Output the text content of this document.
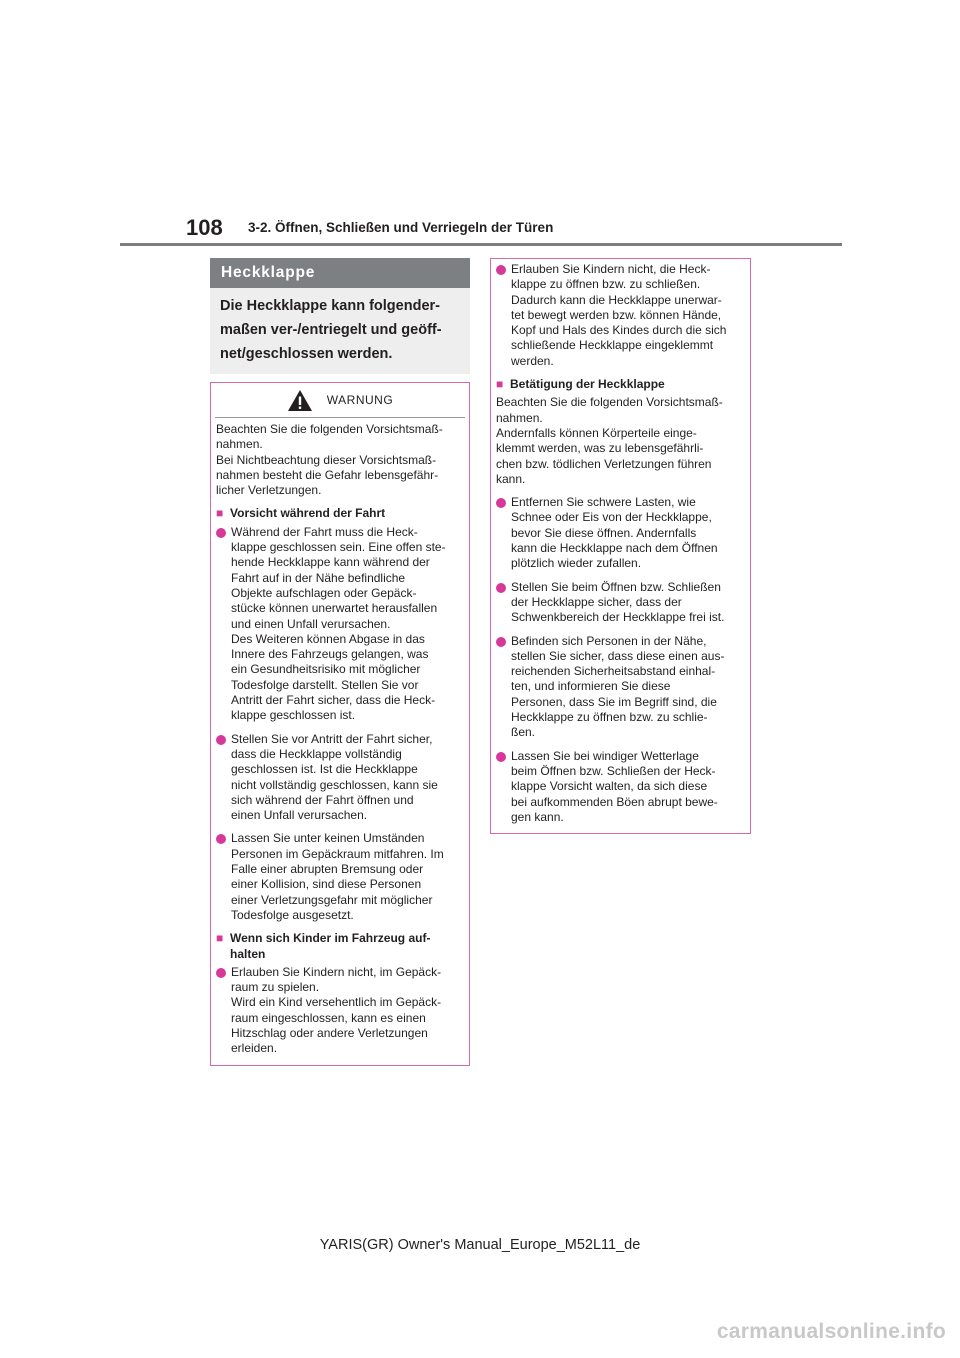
108 3-2. Öffnen, Schließen und Verriegeln der Türen
Heckklappe
Die Heckklappe kann folgender-
maßen ver-/entriegelt und geöff-
net/geschlossen werden.
WARNUNG
Beachten Sie die folgenden Vorsichtsmaß-
nahmen.
Bei Nichtbeachtung dieser Vorsichtsmaß-
nahmen besteht die Gefahr lebensgefähr-
licher Verletzungen.
■ Vorsicht während der Fahrt
Während der Fahrt muss die Heck-
klappe geschlossen sein. Eine offen ste-
hende Heckklappe kann während der
Fahrt auf in der Nähe befindliche
Objekte aufschlagen oder Gepäck-
stücke können unerwartet herausfallen
und einen Unfall verursachen.
Des Weiteren können Abgase in das
Innere des Fahrzeugs gelangen, was
ein Gesundheitsrisiko mit möglicher
Todesfolge darstellt. Stellen Sie vor
Antritt der Fahrt sicher, dass die Heck-
klappe geschlossen ist.
Stellen Sie vor Antritt der Fahrt sicher,
dass die Heckklappe vollständig
geschlossen ist. Ist die Heckklappe
nicht vollständig geschlossen, kann sie
sich während der Fahrt öffnen und
einen Unfall verursachen.
Lassen Sie unter keinen Umständen
Personen im Gepäckraum mitfahren. Im
Falle einer abrupten Bremsung oder
einer Kollision, sind diese Personen
einer Verletzungsgefahr mit möglicher
Todesfolge ausgesetzt.
■ Wenn sich Kinder im Fahrzeug auf-
halten
Erlauben Sie Kindern nicht, im Gepäck-
raum zu spielen.
Wird ein Kind versehentlich im Gepäck-
raum eingeschlossen, kann es einen
Hitzschlag oder andere Verletzungen
erleiden.
Erlauben Sie Kindern nicht, die Heck-
klappe zu öffnen bzw. zu schließen.
Dadurch kann die Heckklappe unerwar-
tet bewegt werden bzw. können Hände,
Kopf und Hals des Kindes durch die sich
schließende Heckklappe eingeklemmt
werden.
■ Betätigung der Heckklappe
Beachten Sie die folgenden Vorsichtsmaß-
nahmen.
Andernfalls können Körperteile einge-
klemmt werden, was zu lebensgefährli-
chen bzw. tödlichen Verletzungen führen
kann.
Entfernen Sie schwere Lasten, wie
Schnee oder Eis von der Heckklappe,
bevor Sie diese öffnen. Andernfalls
kann die Heckklappe nach dem Öffnen
plötzlich wieder zufallen.
Stellen Sie beim Öffnen bzw. Schließen
der Heckklappe sicher, dass der
Schwenkbereich der Heckklappe frei ist.
Befinden sich Personen in der Nähe,
stellen Sie sicher, dass diese einen aus-
reichenden Sicherheitsabstand einhal-
ten, und informieren Sie diese
Personen, dass Sie im Begriff sind, die
Heckklappe zu öffnen bzw. zu schlie-
ßen.
Lassen Sie bei windiger Wetterlage
beim Öffnen bzw. Schließen der Heck-
klappe Vorsicht walten, da sich diese
bei aufkommenden Böen abrupt bewe-
gen kann.
YARIS(GR) Owner's Manual_Europe_M52L11_de
carmanualsonline.info
